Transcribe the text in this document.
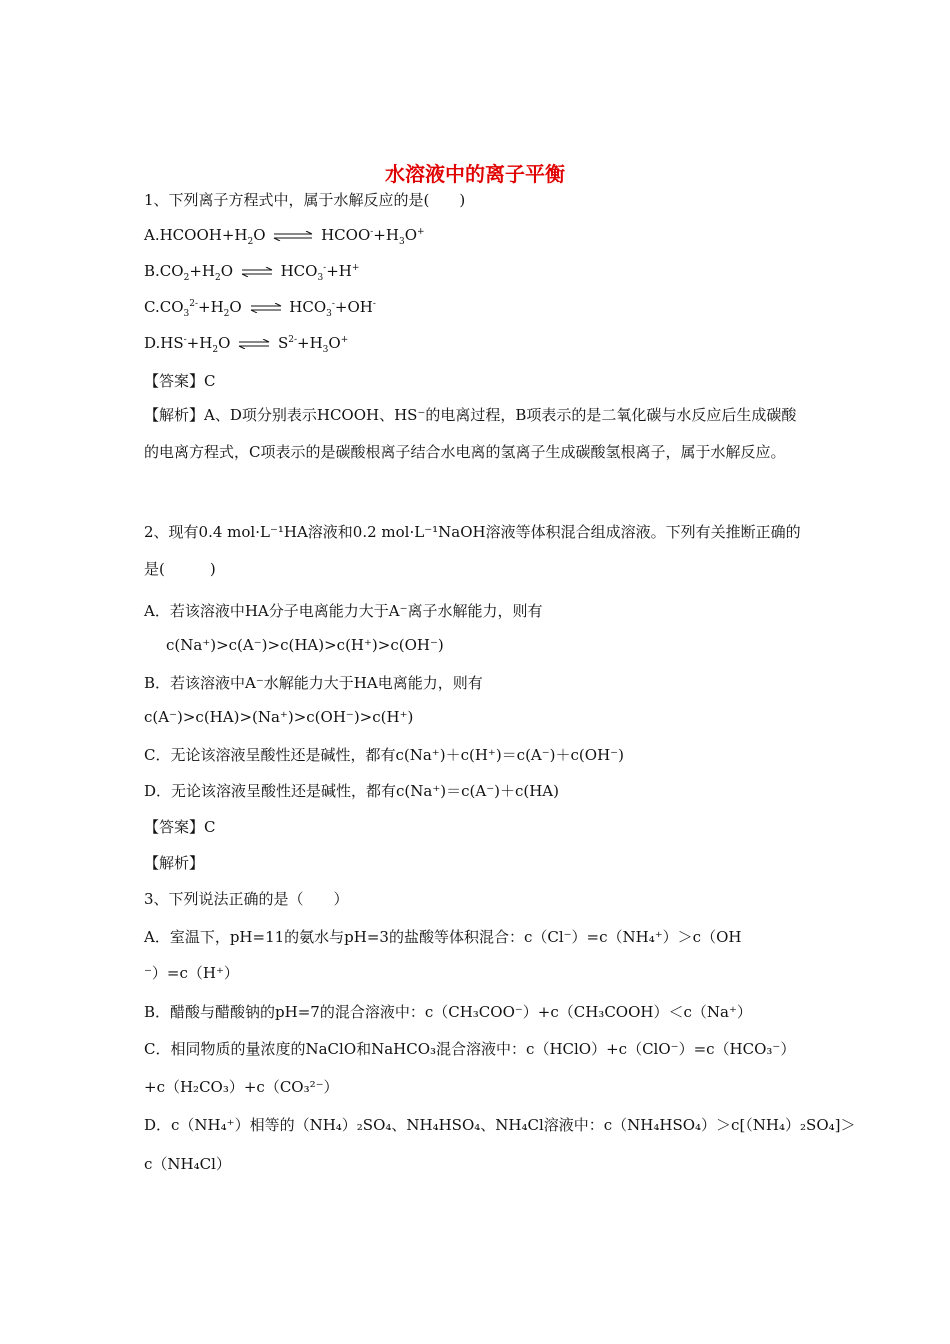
水溶液中的离子平衡
1、下列离子方程式中，属于水解反应的是(　　)
$A.HCOOH+H_2O$ ⇌ $HCOO^-+H_3O^+$
$B.CO_2+H_2O$ ⇌ $HCO_3^-+H^+$
$C.CO_3^{2-}+H_2O$ ⇌ $HCO_3^-+OH^-$
$D.HS^-+H_2O$ ⇌ $S^{2-}+H_3O^+$
【答案】C
【解析】A、D项分别表示HCOOH、HS⁻的电离过程，B项表示的是二氧化碳与水反应后生成碳酸的电离方程式，C项表示的是碳酸根离子结合水电离的氢离子生成碳酸氢根离子，属于水解反应。
2、现有0.4 mol·L⁻¹HA溶液和0.2 mol·L⁻¹NaOH溶液等体积混合组成溶液。下列有关推断正确的是(　　　)
A．若该溶液中HA分子电离能力大于A⁻离子水解能力，则有
c(Na⁺)>c(A⁻)>c(HA)>c(H⁺)>c(OH⁻)
B．若该溶液中A⁻水解能力大于HA电离能力，则有
c(A⁻)>c(HA)>(Na⁺)>c(OH⁻)>c(H⁺)
C．无论该溶液呈酸性还是碱性，都有c(Na⁺)＋c(H⁺)＝c(A⁻)＋c(OH⁻)
D．无论该溶液呈酸性还是碱性，都有c(Na⁺)＝c(A⁻)＋c(HA)
【答案】C
【解析】
3、下列说法正确的是（　　）
A．室温下，pH=11的氨水与pH=3的盐酸等体积混合：c（Cl⁻）=c（NH₄⁺）＞c（OH
⁻）=c（H⁺）
B．醋酸与醋酸钠的pH=7的混合溶液中：c（CH₃COO⁻）+c（CH₃COOH）＜c（Na⁺）
C．相同物质的量浓度的NaClO和NaHCO₃混合溶液中：c（HClO）+c（ClO⁻）=c（HCO₃⁻）
+c（H₂CO₃）+c（CO₃²⁻）
D．c（NH₄⁺）相等的（NH₄）₂SO₄、NH₄HSO₄、NH₄Cl溶液中：c（NH₄HSO₄）＞c[（NH₄）₂SO₄]＞
c（NH₄Cl）
